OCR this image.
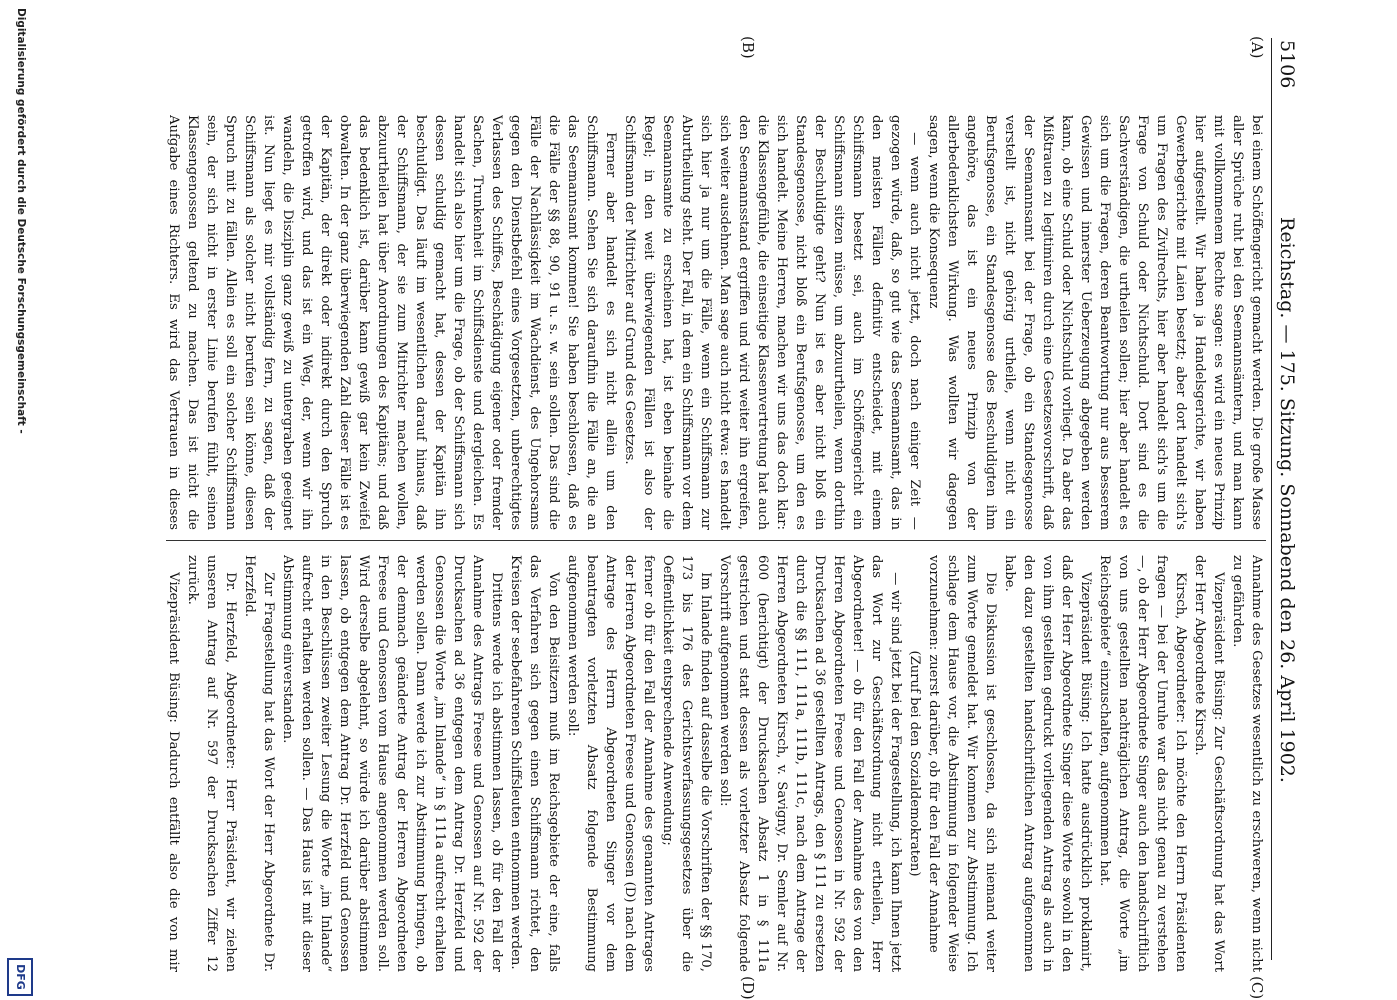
5106
Reichstag. — 175. Sitzung. Sonnabend den 26. April 1902.
(A)
(B)
(C)
(D)

bei einem Schöffengericht gemacht werden. Die große Masse aller Sprüche ruht bei den Seemannsämtern, und man kann mit vollkommenem Rechte sagen: es wird ein neues Prinzip hier aufgestellt. Wir haben ja Handelsgerichte, wir haben Gewerbegerichte mit Laien besetzt; aber dort handelt sich's um Fragen des Zivilrechts, hier aber handelt sich's um die Frage von Schuld oder Nichtschuld. Dort sind es die Sachverständigen, die urtheilen sollen; hier aber handelt es sich um die Fragen, deren Beantwortung nur aus besserem Gewissen und innerster Ueberzeugung abgegeben werden kann, ob eine Schuld oder Nichtschuld vorliegt. Da aber das Mißtrauen zu legitimiren durch eine Gesetzesvorschrift, daß der Seemannsamt bei der Frage, ob ein Standesgenosse verstellt ist, nicht gehörig urtheile, wenn nicht ein Berufsgenosse, ein Standesgenosse des Beschuldigten ihm angehöre, das ist ein neues Prinzip von der allerbedenklichsten Wirkung. Was wollten wir dagegen sagen, wenn die Konsequenz

— wenn auch nicht jetzt, doch nach einiger Zeit — gezogen würde, daß, so gut wie das Seemannsamt, das in den meisten Fällen definitiv entscheidet, mit einem Schiffsmann besetzt sei, auch im Schöffengericht ein Schiffsmann sitzen müsse, um abzuurtheilen, wenn dorthin der Beschuldigte geht? Nun ist es aber nicht bloß ein Standesgenosse, nicht bloß ein Berufsgenosse, um den es sich handelt. Meine Herren, machen wir uns das doch klar: die Klassengefühle, die einseitige Klassenvertretung hat auch den Seemannsstand ergriffen und wird weiter ihn ergreifen, sich weiter ausdehnen. Man sage auch nicht etwa: es handelt sich hier ja nur um die Fälle, wenn ein Schiffsmann zur Aburtheilung steht. Der Fall, in dem ein Schiffsmann vor dem Seemannsamte zu erscheinen hat, ist eben beinahe die Regel; in den weit überwiegenden Fällen ist also der Schiffsmann der Mitrichter auf Grund des Gesetzes.

Ferner aber handelt es sich nicht allein um den Schiffsmann. Sehen Sie sich daraufhin die Fälle an, die an das Seemannsamt kommen! Sie haben beschlossen, daß es die Fälle der §§ 88, 90, 91 u. s. w. sein sollen. Das sind die Fälle der Nachlässigkeit im Wachdienst, des Ungehorsams gegen den Dienstbefehl eines Vorgesetzten, unberechtigtes Verlassen des Schiffes, Beschädigung eigener oder fremder Sachen, Trunkenheit im Schiffsdienste und dergleichen. Es handelt sich also hier um die Frage, ob der Schiffsmann sich dessen schuldig gemacht hat, dessen der Kapitän ihn beschuldigt. Das läuft im wesentlichen darauf hinaus, daß der Schiffsmann, der sie zum Mitrichter machen wollen, abzuurtheilen hat über Anordnungen des Kapitäns; und daß das bedenklich ist, darüber kann gewiß gar kein Zweifel obwalten. In der ganz überwiegenden Zahl dieser Fälle ist es der Kapitän, der direkt oder indirekt durch den Spruch getroffen wird, und das ist ein Weg, der, wenn wir ihn wandeln, die Disziplin ganz gewiß zu untergraben geeignet ist. Nun liegt es mir vollständig fern, zu sagen, daß der Schiffsmann als solcher nicht berufen sein könne, diesen Spruch mit zu fällen. Allein es soll ein solcher Schiffsmann sein, der sich nicht in erster Linie berufen fühlt, seinen Klassengenossen geltend zu machen. Das ist nicht die Aufgabe eines Richters. Es wird das Vertrauen in dieses

Annahme des Gesetzes wesentlich zu erschweren, wenn nicht zu gefährden.

Vizepräsident Büsing: Zur Geschäftsordnung hat das Wort der Herr Abgeordnete Kirsch.

Kirsch, Abgeordneter: Ich möchte den Herrn Präsidenten fragen — bei der Unruhe war das nicht genau zu verstehen —, ob der Herr Abgeordnete Singer auch den handschriftlich von uns gestellten nachträglichen Antrag, die Worte „im Reichsgebiete“ einzuschalten, aufgenommen hat.

Vizepräsident Büsing: Ich hatte ausdrücklich proklamirt, daß der Herr Abgeordnete Singer diese Worte sowohl in den von ihm gestellten gedruckt vorliegenden Antrag als auch in den dazu gestellten handschriftlichen Antrag aufgenommen habe.

Die Diskussion ist geschlossen, da sich niemand weiter zum Worte gemeldet hat. Wir kommen zur Abstimmung. Ich schlage dem Hause vor, die Abstimmung in folgender Weise vorzunehmen: zuerst darüber, ob für den Fall der Annahme

(Zuruf bei den Sozialdemokraten)

— wir sind jetzt bei der Fragestellung, ich kann Ihnen jetzt das Wort zur Geschäftsordnung nicht ertheilen, Herr Abgeordneter! — ob für den Fall der Annahme des von den Herren Abgeordneten Freese und Genossen in Nr. 592 der Drucksachen ad 36 gestellten Antrags, den § 111 zu ersetzen durch die §§ 111, 111a, 111b, 111c, nach dem Antrage der Herren Abgeordneten Kirsch, v. Savigny, Dr. Semler auf Nr. 600 (berichtigt) der Drucksachen Absatz 1 in § 111a gestrichen und statt dessen als vorletzter Absatz folgende Vorschrift aufgenommen werden soll:

Im Inlande finden auf dasselbe die Vorschriften der §§ 170, 173 bis 176 des Gerichtsverfassungsgesetzes über die Oeffentlichkeit entsprechende Anwendung;

ferner ob für den Fall der Annahme des genannten Antrages der Herren Abgeordneten Freese und Genossen (D) nach dem Antrage des Herrn Abgeordneten Singer vor dem beantragten vorletzten Absatz folgende Bestimmung aufgenommen werden soll:

Von den Beisitzern muß im Reichsgebiete der eine, falls das Verfahren sich gegen einen Schiffsmann richtet, den Kreisen der seebefahrenen Schiffsleuten entnommen werden.

Drittens werde ich abstimmen lassen, ob für den Fall der Annahme des Antrags Freese und Genossen auf Nr. 592 der Drucksachen ad 36 entgegen dem Antrag Dr. Herzfeld und Genossen die Worte „im Inlande“ in § 111a aufrecht erhalten werden sollen. Dann werde ich zur Abstimmung bringen, ob der demnach geänderte Antrag der Herren Abgeordneten Freese und Genossen vom Hause angenommen werden soll. Wird derselbe abgelehnt, so würde ich darüber abstimmen lassen, ob entgegen dem Antrag Dr. Herzfeld und Genossen in den Beschlüssen zweiter Lesung die Worte „im Inlande“ aufrecht erhalten werden sollen. — Das Haus ist mit dieser Abstimmung einverstanden.

Zur Fragestellung hat das Wort der Herr Abgeordnete Dr. Herzfeld.

Dr. Herzfeld, Abgeordneter: Herr Präsident, wir ziehen unseren Antrag auf Nr. 597 der Drucksachen Ziffer 12 zurück.

Vizepräsident Büsing: Dadurch entfällt also die von mir

Digitalisierung gefördert durch die Deutsche Forschungsgemeinschaft -
DFG
